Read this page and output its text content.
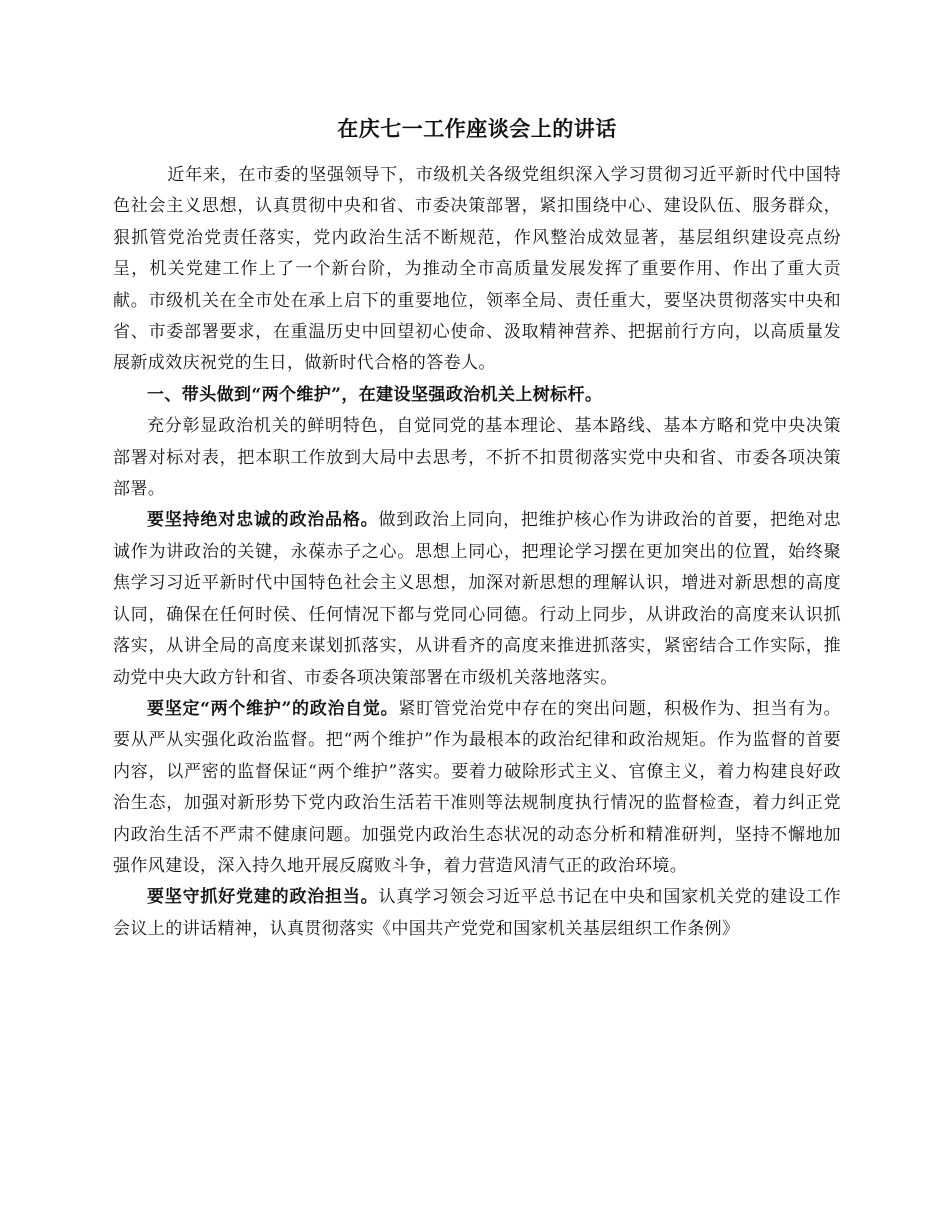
在庆七一工作座谈会上的讲话

近年来，在市委的坚强领导下，市级机关各级党组织深入学习贯彻习近平新时代中国特色社会主义思想，认真贯彻中央和省、市委决策部署，紧扣围绕中心、建设队伍、服务群众，狠抓管党治党责任落实，党内政治生活不断规范，作风整治成效显著，基层组织建设亮点纷呈，机关党建工作上了一个新台阶，为推动全市高质量发展发挥了重要作用、作出了重大贡献。市级机关在全市处在承上启下的重要地位，领率全局、责任重大，要坚决贯彻落实中央和省、市委部署要求，在重温历史中回望初心使命、汲取精神营养、把据前行方向，以高质量发展新成效庆祝党的生日，做新时代合格的答卷人。

一、带头做到“两个维护”，在建设坚强政治机关上树标杆。

充分彰显政治机关的鲜明特色，自觉同党的基本理论、基本路线、基本方略和党中央决策部署对标对表，把本职工作放到大局中去思考，不折不扣贯彻落实党中央和省、市委各项决策部署。

要坚持绝对忠诚的政治品格。做到政治上同向，把维护核心作为讲政治的首要，把绝对忠诚作为讲政治的关键，永葆赤子之心。思想上同心，把理论学习摆在更加突出的位置，始终聚焦学习习近平新时代中国特色社会主义思想，加深对新思想的理解认识，增进对新思想的高度认同，确保在任何时侯、任何情况下都与党同心同德。行动上同步，从讲政治的高度来认识抓落实，从讲全局的高度来谋划抓落实，从讲看齐的高度来推进抓落实，紧密结合工作实际，推动党中央大政方针和省、市委各项决策部署在市级机关落地落实。

要坚定“两个维护”的政治自觉。紧盯管党治党中存在的突出问题，积极作为、担当有为。要从严从实强化政治监督。把“两个维护”作为最根本的政治纪律和政治规矩。作为监督的首要内容，以严密的监督保证“两个维护”落实。要着力破除形式主义、官僚主义，着力构建良好政治生态，加强对新形势下党内政治生活若干准则等法规制度执行情况的监督检查，着力纠正党内政治生活不严肃不健康问题。加强党内政治生态状况的动态分析和精准研判，坚持不懈地加强作风建设，深入持久地开展反腐败斗争，着力营造风清气正的政治环境。

要坚守抓好党建的政治担当。认真学习领会习近平总书记在中央和国家机关党的建设工作会议上的讲话精神，认真贯彻落实《中国共产党党和国家机关基层组织工作条例》
